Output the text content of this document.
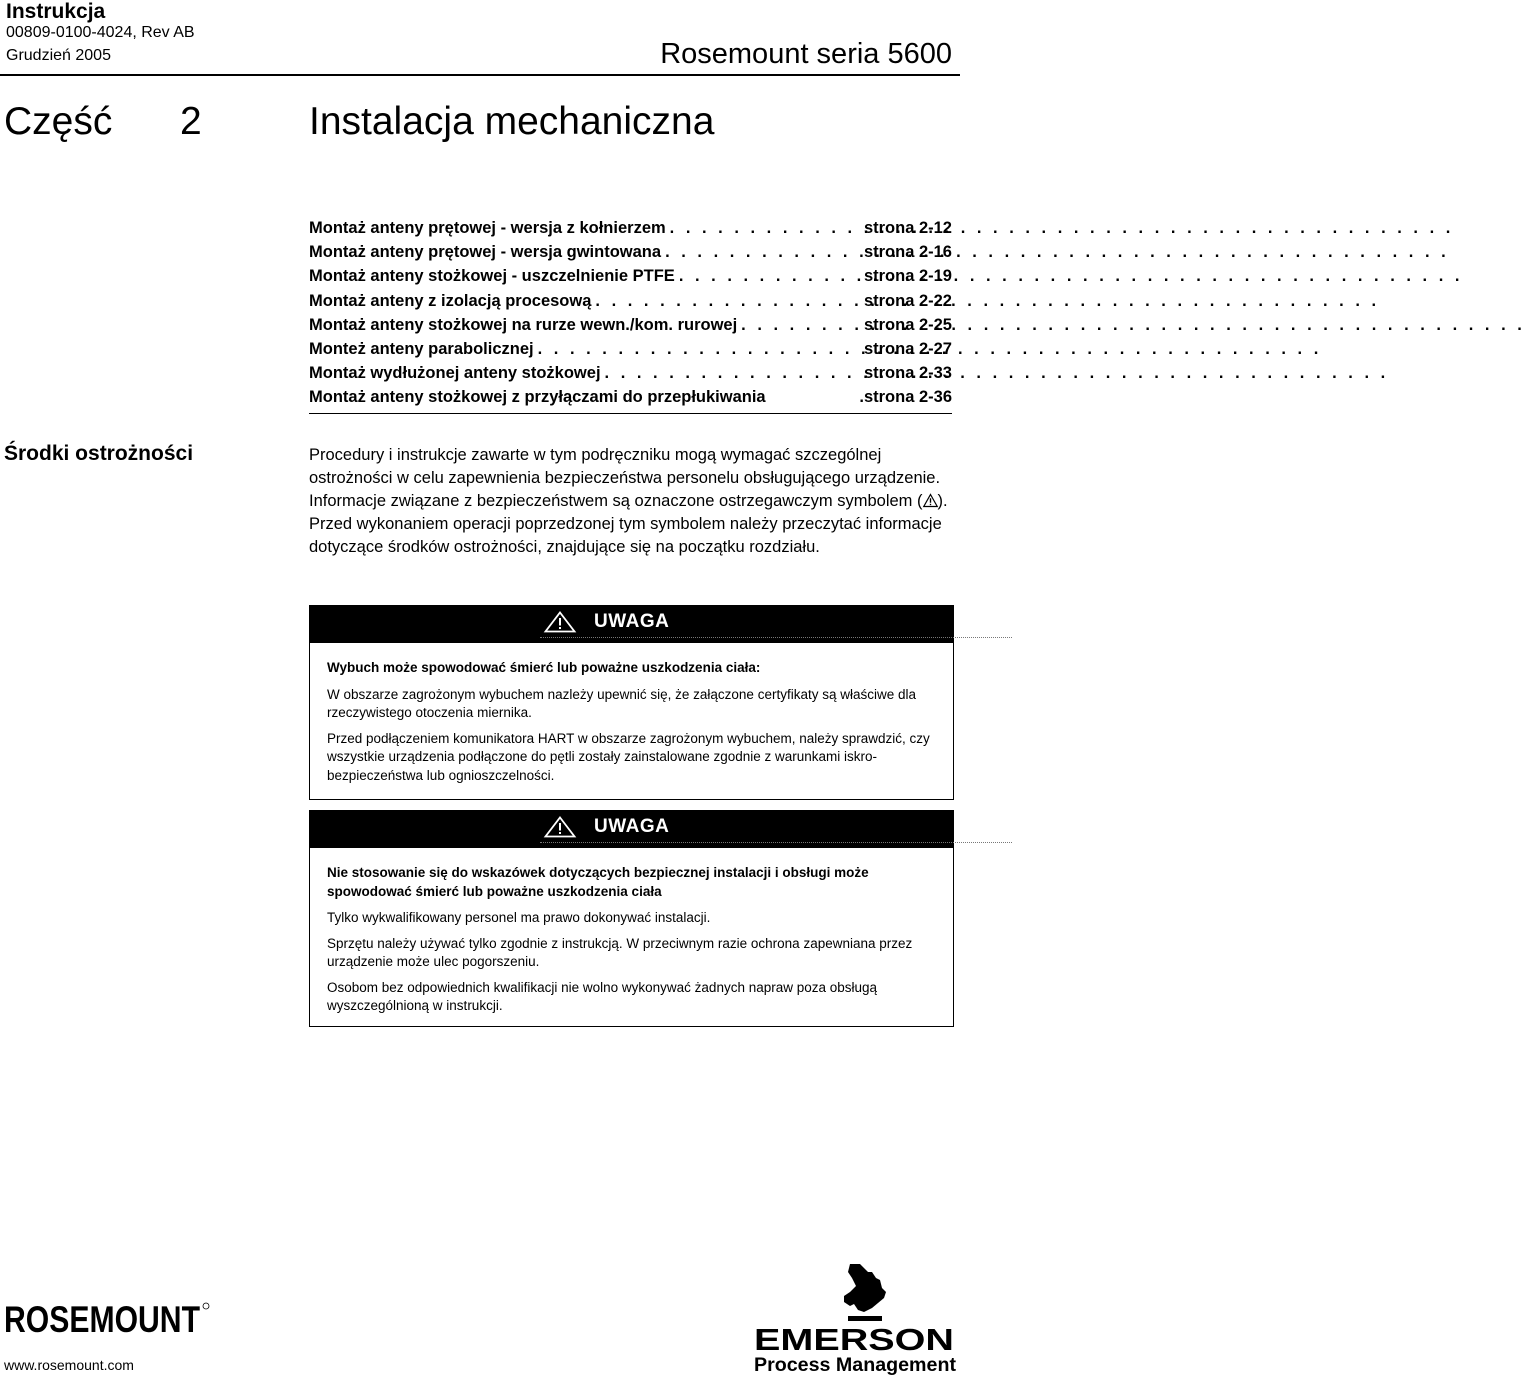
Instrukcja
00809-0100-4024, Rev AB
Grudzień 2005	Rosemount seria 5600
Część 2	Instalacja mechaniczna
Montaż anteny prętowej - wersja z kołnierzem . . .	strona 2-12
Montaż anteny prętowej - wersja gwintowana . . .	strona 2-16
Montaż anteny stożkowej - uszczelnienie PTFE . . .	strona 2-19
Montaż anteny z izolacją procesową . . .	strona 2-22
Montaż anteny stożkowej na rurze wewn./kom. rurowej . . .	strona 2-25
Monteż anteny parabolicznej . . .	strona 2-27
Montaż wydłużonej anteny stożkowej . . .	strona 2-33
Montaż anteny stożkowej z przyłączami do przepłukiwania	.strona 2-36
Środki ostrożności	Procedury i instrukcje zawarte w tym podręczniku mogą wymagać szczególnej ostrożności w celu zapewnienia bezpieczeństwa personelu obsługującego urządzenie. Informacje związane z bezpieczeństwem są oznaczone ostrzegawczym symbolem ( ). Przed wykonaniem operacji poprzedzonej tym symbolem należy przeczytać informacje dotyczące środków ostrożności, znajdujące się na początku rozdziału.
UWAGA

Wybuch może spowodować śmierć lub poważne uszkodzenia ciała:

W obszarze zagrożonym wybuchem nazleży upewnić się, że załączone certyfikaty są właściwe dla rzeczywistego otoczenia miernika.

Przed podłączeniem komunikatora HART w obszarze zagrożonym wybuchem, należy sprawdzić, czy wszystkie urządzenia podłączone do pętli zostały zainstalowane zgodnie z warunkami iskro-bezpieczeństwa lub ognioszczelności.

UWAGA

Nie stosowanie się do wskazówek dotyczących bezpiecznej instalacji i obsługi może spowodować śmierć lub poważne uszkodzenia ciała

Tylko wykwalifikowany personel ma prawo dokonywać instalacji.

Sprzętu należy używać tylko zgodnie z instrukcją. W przeciwnym razie ochrona zapewniana przez urządzenie może ulec pogorszeniu.

Osobom bez odpowiednich kwalifikacji nie wolno wykonywać żadnych napraw poza obsługą wyszczególnioną w instrukcji.

ROSEMOUNT
www.rosemount.com
EMERSON
Process Management
